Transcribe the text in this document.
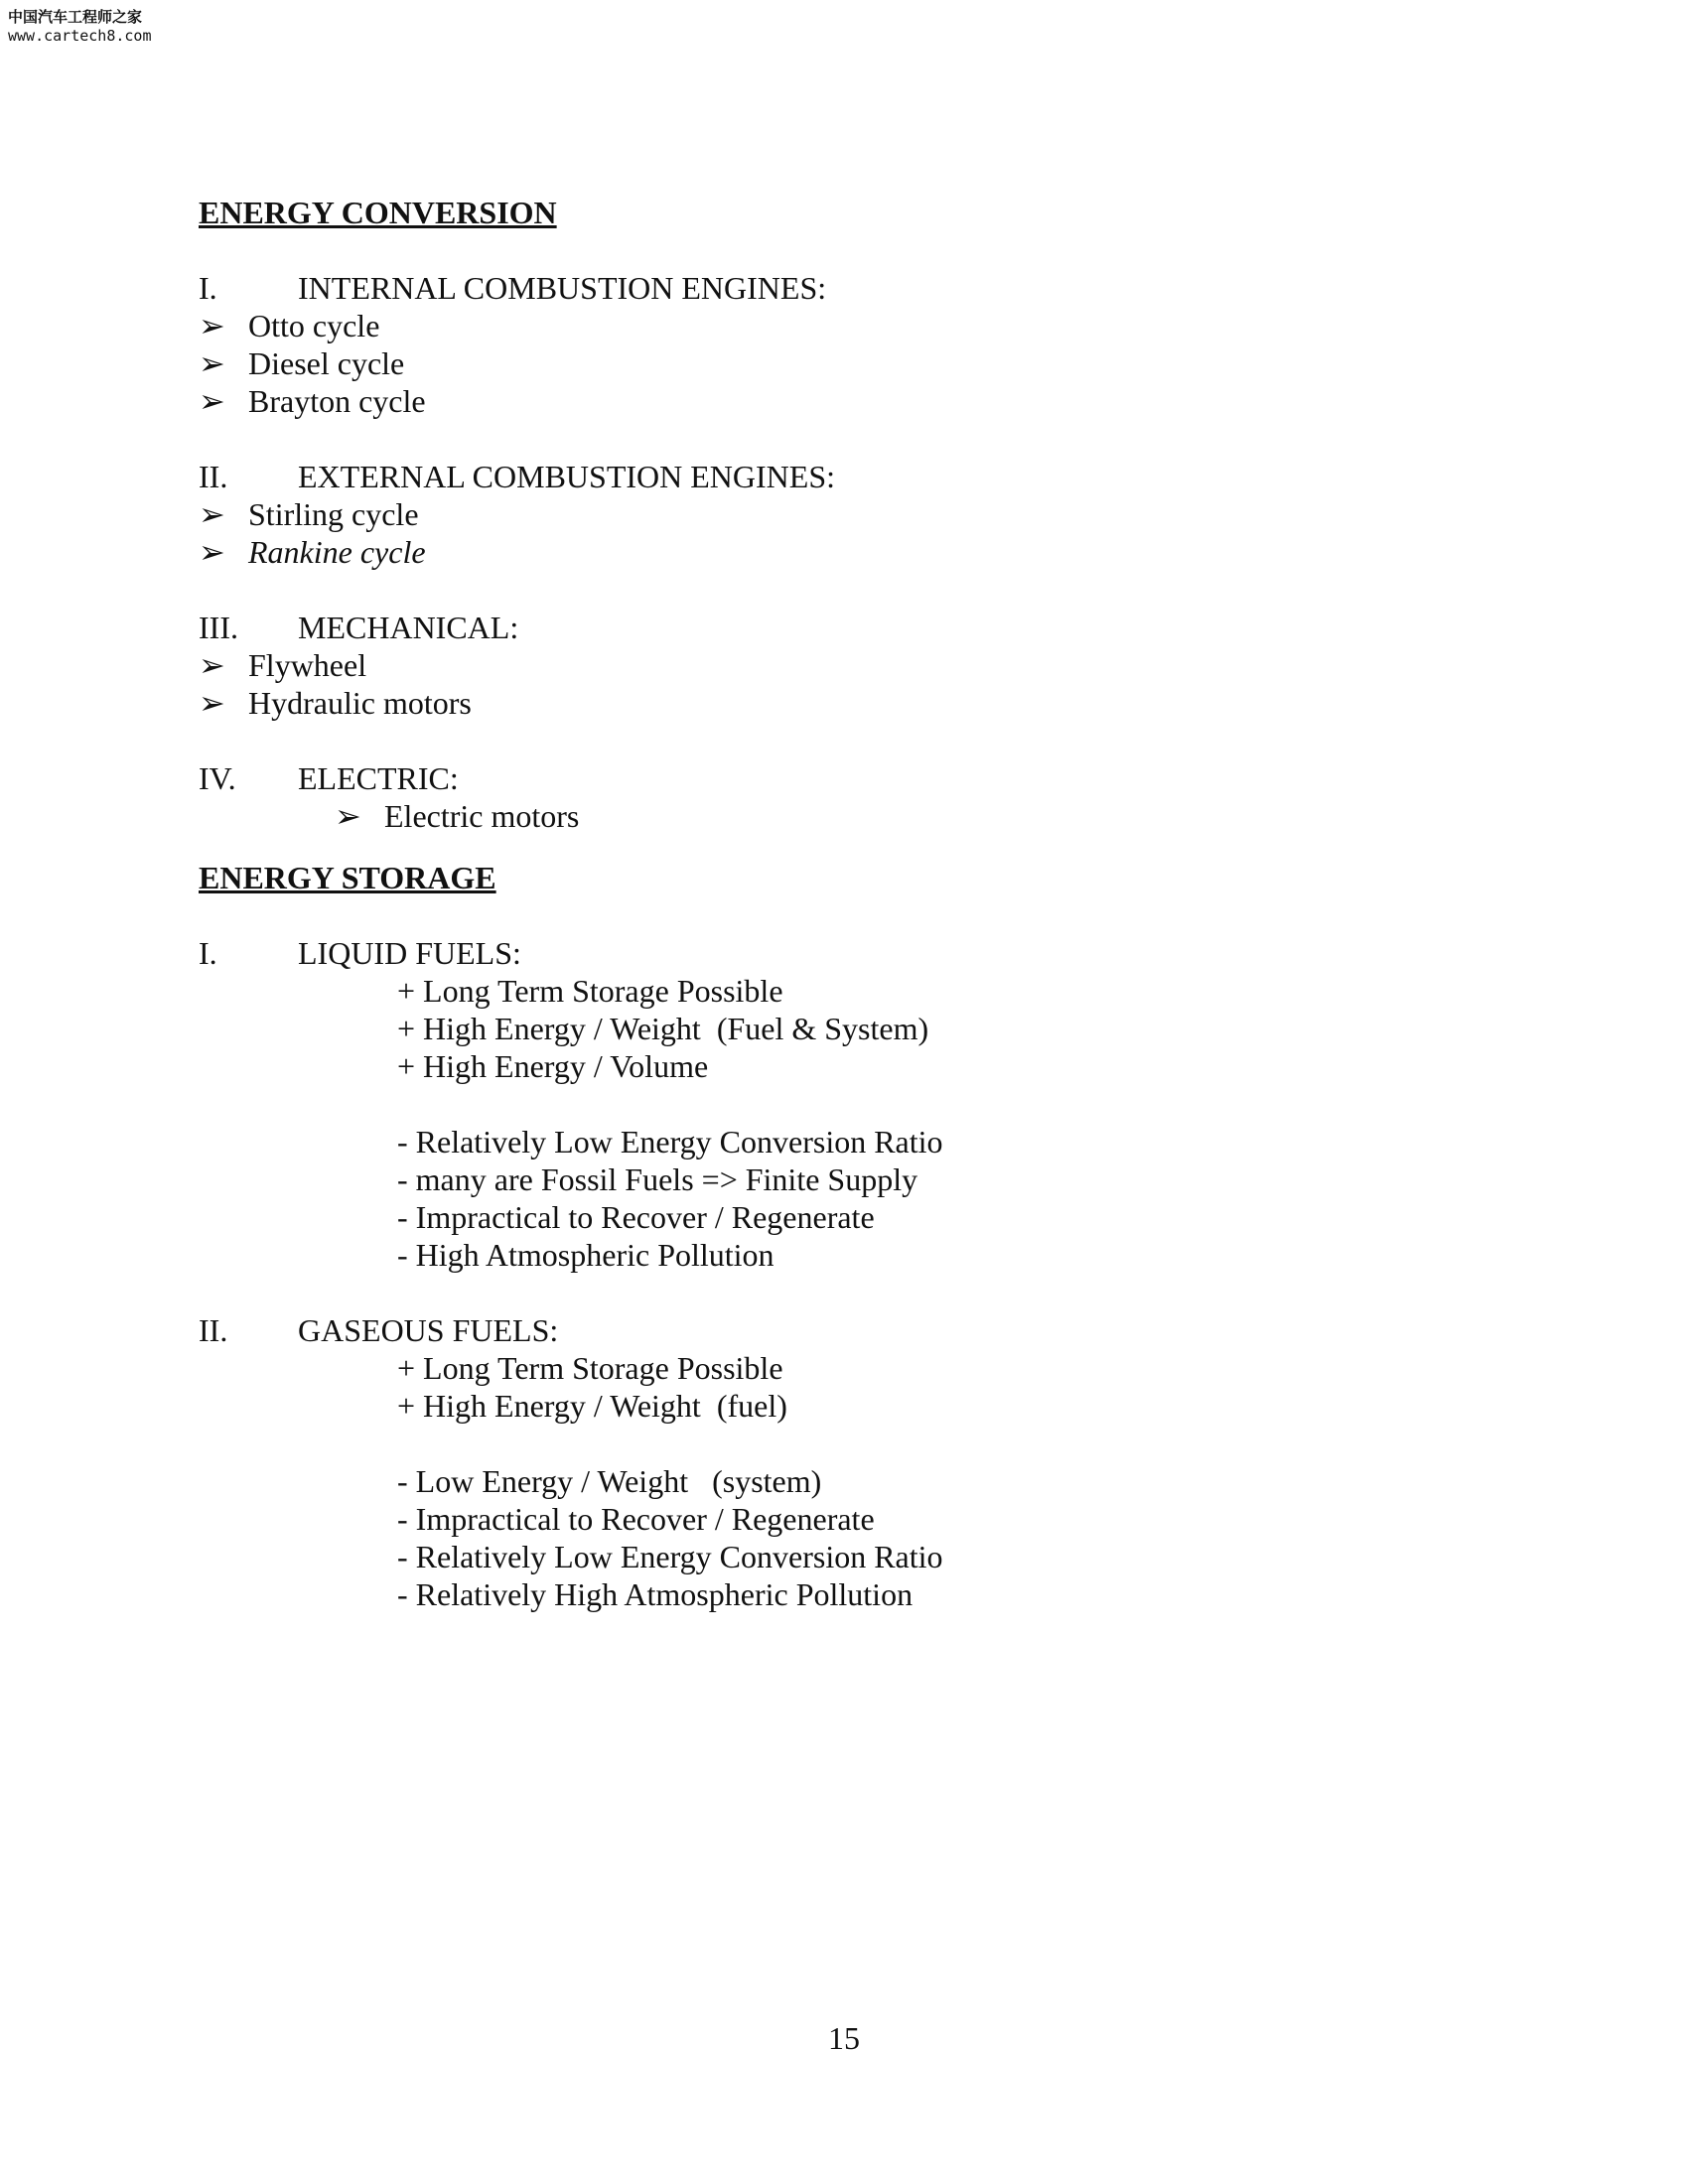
中国汽车工程师之家
www.cartech8.com
ENERGY CONVERSION
I.	INTERNAL COMBUSTION ENGINES:
➢ Otto cycle
➢ Diesel cycle
➢ Brayton cycle
II. EXTERNAL COMBUSTION ENGINES:
➢ Stirling cycle
➢ Rankine cycle
III. MECHANICAL:
➢ Flywheel
➢ Hydraulic motors
IV. ELECTRIC:
➢ Electric motors
ENERGY STORAGE
I.	LIQUID FUELS:
+ Long Term Storage Possible
+ High Energy / Weight  (Fuel & System)
+ High Energy / Volume
- Relatively Low Energy Conversion Ratio
- many are Fossil Fuels => Finite Supply
- Impractical to Recover / Regenerate
- High Atmospheric Pollution
II. GASEOUS FUELS:
+ Long Term Storage Possible
+ High Energy / Weight  (fuel)
- Low Energy / Weight   (system)
- Impractical to Recover / Regenerate
- Relatively Low Energy Conversion Ratio
- Relatively High Atmospheric Pollution
15
